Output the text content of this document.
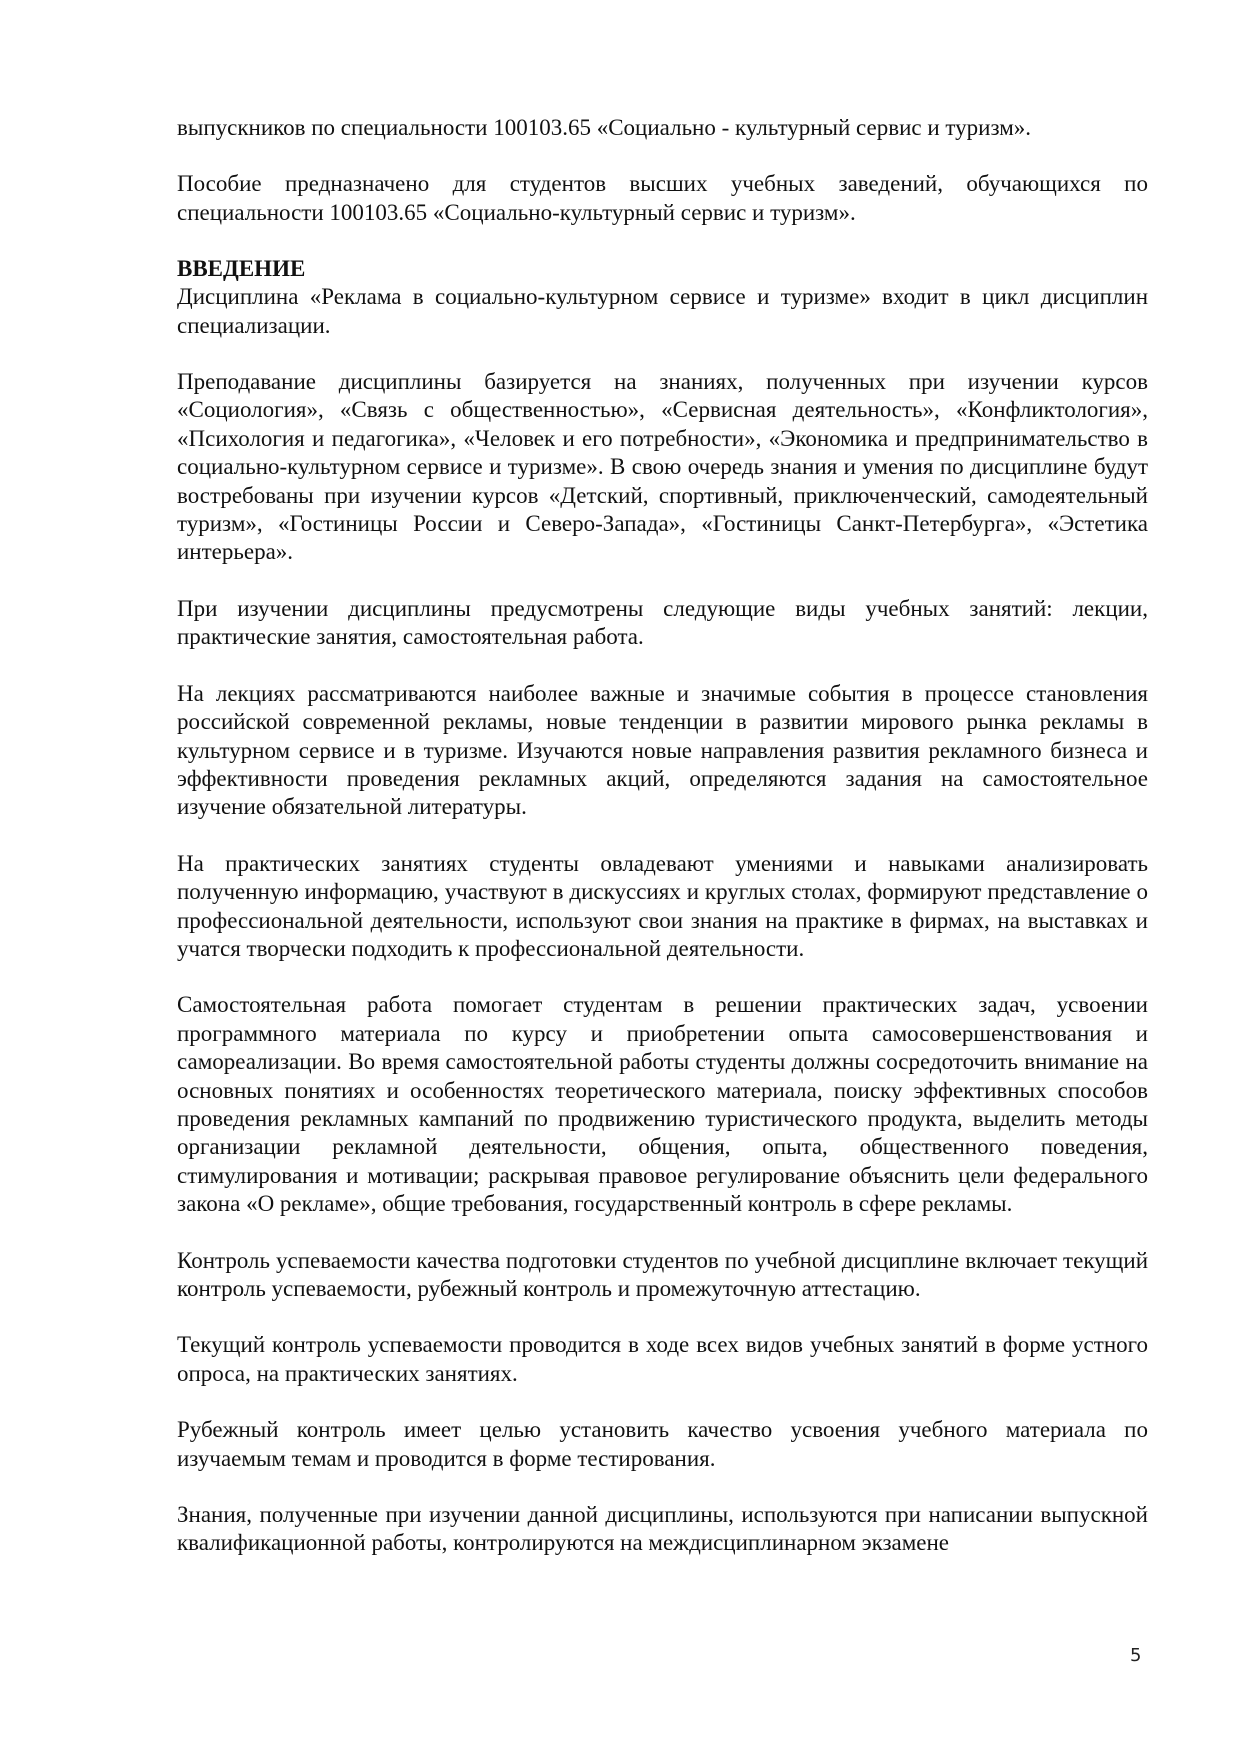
выпускников по специальности 100103.65 «Социально - культурный сервис и туризм».

Пособие предназначено для студентов высших учебных заведений, обучающихся по специальности 100103.65 «Социально-культурный сервис и туризм».

ВВЕДЕНИЕ

Дисциплина «Реклама в социально-культурном сервисе и туризме» входит в цикл дисциплин специализации.

Преподавание дисциплины базируется на знаниях, полученных при изучении курсов «Социология», «Связь с общественностью», «Сервисная деятельность», «Конфликтология», «Психология и педагогика», «Человек и его потребности», «Экономика и предпринимательство в социально-культурном сервисе и туризме». В свою очередь знания и умения по дисциплине будут востребованы при изучении курсов «Детский, спортивный, приключенческий, самодеятельный туризм», «Гостиницы России и Северо-Запада», «Гостиницы Санкт-Петербурга», «Эстетика интерьера».

При изучении дисциплины предусмотрены следующие виды учебных занятий: лекции, практические занятия, самостоятельная работа.

На лекциях рассматриваются наиболее важные и значимые события в процессе становления российской современной рекламы, новые тенденции в развитии мирового рынка рекламы в культурном сервисе и в туризме. Изучаются новые направления развития рекламного бизнеса и эффективности проведения рекламных акций, определяются задания на самостоятельное изучение обязательной литературы.

На практических занятиях студенты овладевают умениями и навыками анализировать полученную информацию, участвуют в дискуссиях и круглых столах, формируют представление о профессиональной деятельности, используют свои знания на практике в фирмах, на выставках и учатся творчески подходить к профессиональной деятельности.

Самостоятельная работа помогает студентам в решении практических задач, усвоении программного материала по курсу и приобретении опыта самосовершенствования и самореализации. Во время самостоятельной работы студенты должны сосредоточить внимание на основных понятиях и особенностях теоретического материала, поиску эффективных способов проведения рекламных кампаний по продвижению туристического продукта, выделить методы организации рекламной деятельности, общения, опыта, общественного поведения, стимулирования и мотивации; раскрывая правовое регулирование объяснить цели федерального закона «О рекламе», общие требования, государственный контроль в сфере рекламы.

Контроль успеваемости качества подготовки студентов по учебной дисциплине включает текущий контроль успеваемости, рубежный контроль и промежуточную аттестацию.

Текущий контроль успеваемости проводится в ходе всех видов учебных занятий в форме устного опроса, на практических занятиях.

Рубежный контроль имеет целью установить качество усвоения учебного материала по изучаемым темам и проводится в форме тестирования.

Знания, полученные при изучении данной дисциплины, используются при написании выпускной квалификационной работы, контролируются на междисциплинарном экзамене

5
